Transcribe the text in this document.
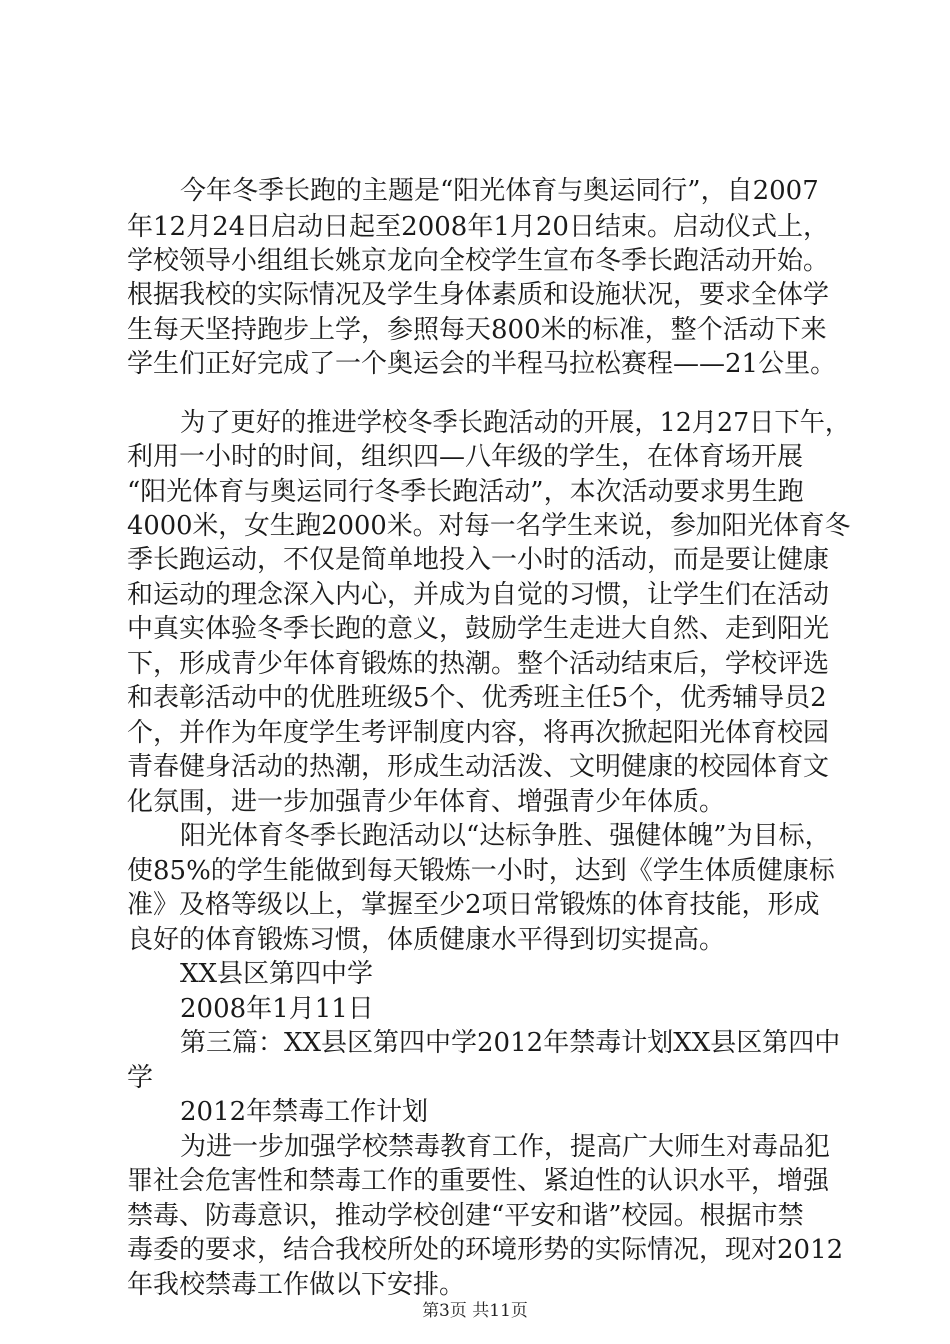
今年冬季长跑的主题是“阳光体育与奥运同行”，自2007
年12月24日启动日起至2008年1月20日结束。启动仪式上，
学校领导小组组长姚京龙向全校学生宣布冬季长跑活动开始。
根据我校的实际情况及学生身体素质和设施状况，要求全体学
生每天坚持跑步上学，参照每天800米的标准，整个活动下来
学生们正好完成了一个奥运会的半程马拉松赛程——21公里。
为了更好的推进学校冬季长跑活动的开展，12月27日下午，
利用一小时的时间，组织四—八年级的学生，在体育场开展
“阳光体育与奥运同行冬季长跑活动”，本次活动要求男生跑
4000米，女生跑2000米。对每一名学生来说，参加阳光体育冬
季长跑运动，不仅是简单地投入一小时的活动，而是要让健康
和运动的理念深入内心，并成为自觉的习惯，让学生们在活动
中真实体验冬季长跑的意义，鼓励学生走进大自然、走到阳光
下，形成青少年体育锻炼的热潮。整个活动结束后，学校评选
和表彰活动中的优胜班级5个、优秀班主任5个，优秀辅导员2
个，并作为年度学生考评制度内容，将再次掀起阳光体育校园
青春健身活动的热潮，形成生动活泼、文明健康的校园体育文
化氛围，进一步加强青少年体育、增强青少年体质。
阳光体育冬季长跑活动以“达标争胜、强健体魄”为目标，
使85%的学生能做到每天锻炼一小时，达到《学生体质健康标
准》及格等级以上，掌握至少2项日常锻炼的体育技能，形成
良好的体育锻炼习惯，体质健康水平得到切实提高。
XX县区第四中学
2008年1月11日
第三篇：XX县区第四中学2012年禁毒计划XX县区第四中
学
2012年禁毒工作计划
为进一步加强学校禁毒教育工作，提高广大师生对毒品犯
罪社会危害性和禁毒工作的重要性、紧迫性的认识水平，增强
禁毒、防毒意识，推动学校创建“平安和谐”校园。根据市禁
毒委的要求，结合我校所处的环境形势的实际情况，现对2012
年我校禁毒工作做以下安排。
第3页 共11页
